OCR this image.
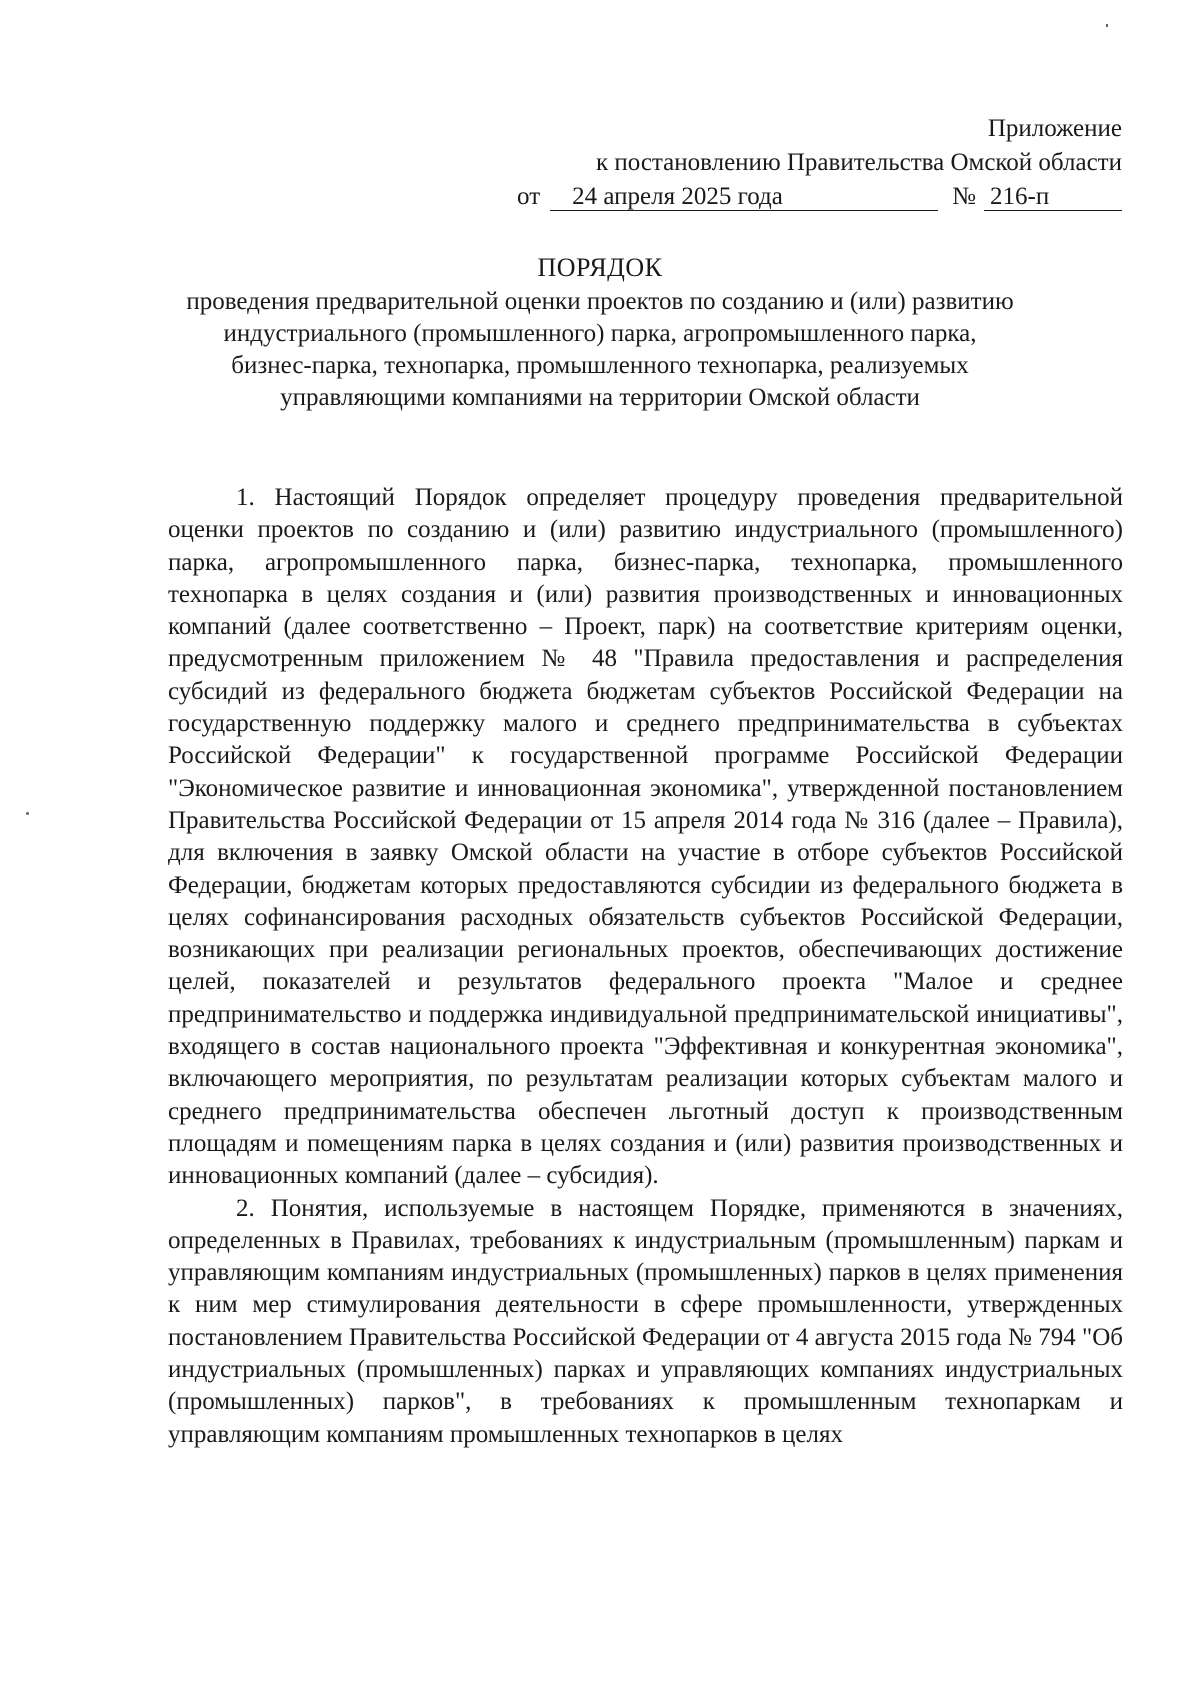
Приложение
к постановлению Правительства Омской области
от	24 апреля 2025 года	№ 216-п
ПОРЯДОК
проведения предварительной оценки проектов по созданию и (или) развитию
индустриального (промышленного) парка, агропромышленного парка,
бизнес-парка, технопарка, промышленного технопарка, реализуемых
управляющими компаниями на территории Омской области

1. Настоящий Порядок определяет процедуру проведения предварительной оценки проектов по созданию и (или) развитию индустриального (промышленного) парка, агропромышленного парка, бизнес-парка, технопарка, промышленного технопарка в целях создания и (или) развития производственных и инновационных компаний (далее соответственно – Проект, парк) на соответствие критериям оценки, предусмотренным приложением № 48 "Правила предоставления и распределения субсидий из федерального бюджета бюджетам субъектов Российской Федерации на государственную поддержку малого и среднего предпринимательства в субъектах Российской Федерации" к государственной программе Российской Федерации "Экономическое развитие и инновационная экономика", утвержденной постановлением Правительства Российской Федерации от 15 апреля 2014 года № 316 (далее – Правила), для включения в заявку Омской области на участие в отборе субъектов Российской Федерации, бюджетам которых предоставляются субсидии из федерального бюджета в целях софинансирования расходных обязательств субъектов Российской Федерации, возникающих при реализации региональных проектов, обеспечивающих достижение целей, показателей и результатов федерального проекта "Малое и среднее предпринимательство и поддержка индивидуальной предпринимательской инициативы", входящего в состав национального проекта "Эффективная и конкурентная экономика", включающего мероприятия, по результатам реализации которых субъектам малого и среднего предпринимательства обеспечен льготный доступ к производственным площадям и помещениям парка в целях создания и (или) развития производственных и инновационных компаний (далее – субсидия).

2. Понятия, используемые в настоящем Порядке, применяются в значениях, определенных в Правилах, требованиях к индустриальным (промышленным) паркам и управляющим компаниям индустриальных (промышленных) парков в целях применения к ним мер стимулирования деятельности в сфере промышленности, утвержденных постановлением Правительства Российской Федерации от 4 августа 2015 года № 794 "Об индустриальных (промышленных) парках и управляющих компаниях индустриальных (промышленных) парков", в требованиях к промышленным технопаркам и управляющим компаниям промышленных технопарков в целях
